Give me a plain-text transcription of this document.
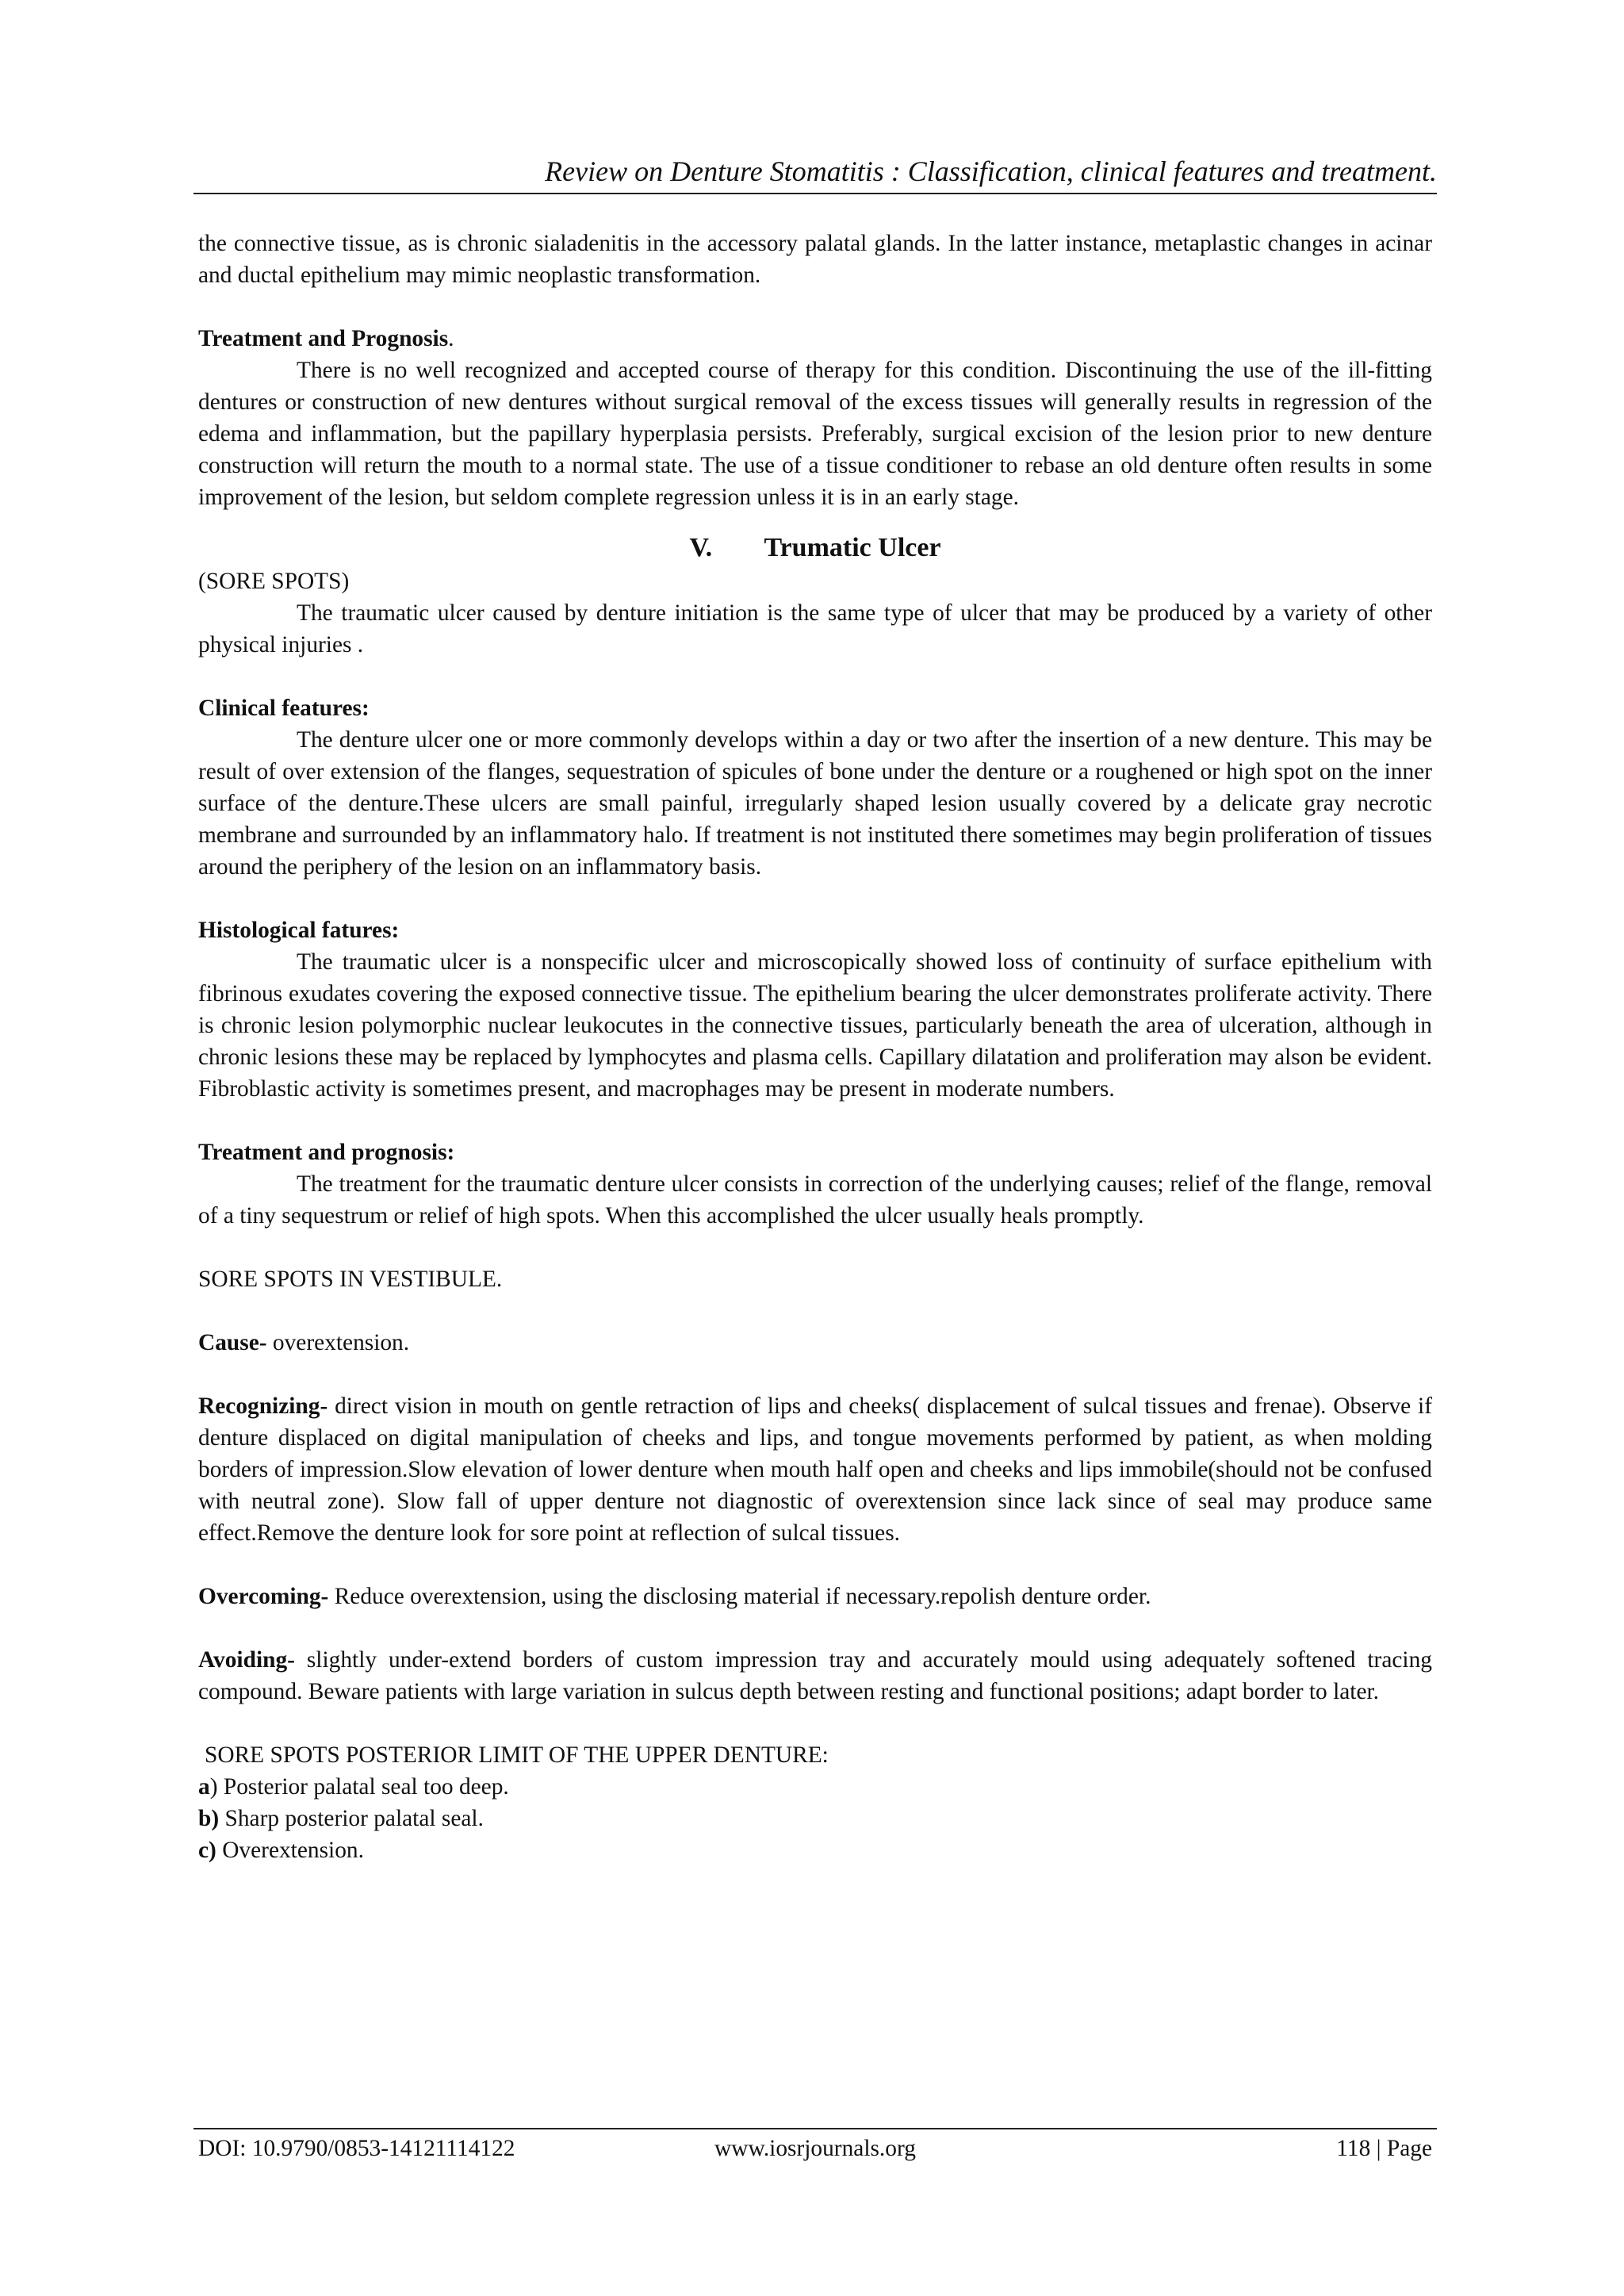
Review on Denture Stomatitis : Classification, clinical features and treatment.

the connective tissue, as is chronic sialadenitis in the accessory palatal glands. In the latter instance, metaplastic changes in acinar and ductal epithelium may mimic neoplastic transformation.

Treatment and Prognosis.

There is no well recognized and accepted course of therapy for this condition. Discontinuing the use of the ill-fitting dentures or construction of new dentures without surgical removal of the excess tissues will generally results in regression of the edema and inflammation, but the papillary hyperplasia persists. Preferably, surgical excision of the lesion prior to new denture construction will return the mouth to a normal state. The use of a tissue conditioner to rebase an old denture often results in some improvement of the lesion, but seldom complete regression unless it is in an early stage.

V. Trumatic Ulcer

(SORE SPOTS)

The traumatic ulcer caused by denture initiation is the same type of ulcer that may be produced by a variety of other physical injuries .

Clinical features:

The denture ulcer one or more commonly develops within a day or two after the insertion of a new denture. This may be result of over extension of the flanges, sequestration of spicules of bone under the denture or a roughened or high spot on the inner surface of the denture.These ulcers are small painful, irregularly shaped lesion usually covered by a delicate gray necrotic membrane and surrounded by an inflammatory halo. If treatment is not instituted there sometimes may begin proliferation of tissues around the periphery of the lesion on an inflammatory basis.

Histological fatures:

The traumatic ulcer is a nonspecific ulcer and microscopically showed loss of continuity of surface epithelium with fibrinous exudates covering the exposed connective tissue. The epithelium bearing the ulcer demonstrates proliferate activity. There is chronic lesion polymorphic nuclear leukocutes in the connective tissues, particularly beneath the area of ulceration, although in chronic lesions these may be replaced by lymphocytes and plasma cells. Capillary dilatation and proliferation may alson be evident. Fibroblastic activity is sometimes present, and macrophages may be present in moderate numbers.

Treatment and prognosis:

The treatment for the traumatic denture ulcer consists in correction of the underlying causes; relief of the flange, removal of a tiny sequestrum or relief of high spots. When this accomplished the ulcer usually heals promptly.

SORE SPOTS IN VESTIBULE.

Cause- overextension.

Recognizing- direct vision in mouth on gentle retraction of lips and cheeks( displacement of sulcal tissues and frenae). Observe if denture displaced on digital manipulation of cheeks and lips, and tongue movements performed by patient, as when molding borders of impression.Slow elevation of lower denture when mouth half open and cheeks and lips immobile(should not be confused with neutral zone). Slow fall of upper denture not diagnostic of overextension since lack since of seal may produce same effect.Remove the denture look for sore point at reflection of sulcal tissues.

Overcoming- Reduce overextension, using the disclosing material if necessary.repolish denture order.

Avoiding- slightly under-extend borders of custom impression tray and accurately mould using adequately softened tracing compound. Beware patients with large variation in sulcus depth between resting and functional positions; adapt border to later.

SORE SPOTS POSTERIOR LIMIT OF THE UPPER DENTURE:

a) Posterior palatal seal too deep.

b) Sharp posterior palatal seal.

c) Overextension.

DOI: 10.9790/0853-14121114122	www.iosrjournals.org	118 | Page
